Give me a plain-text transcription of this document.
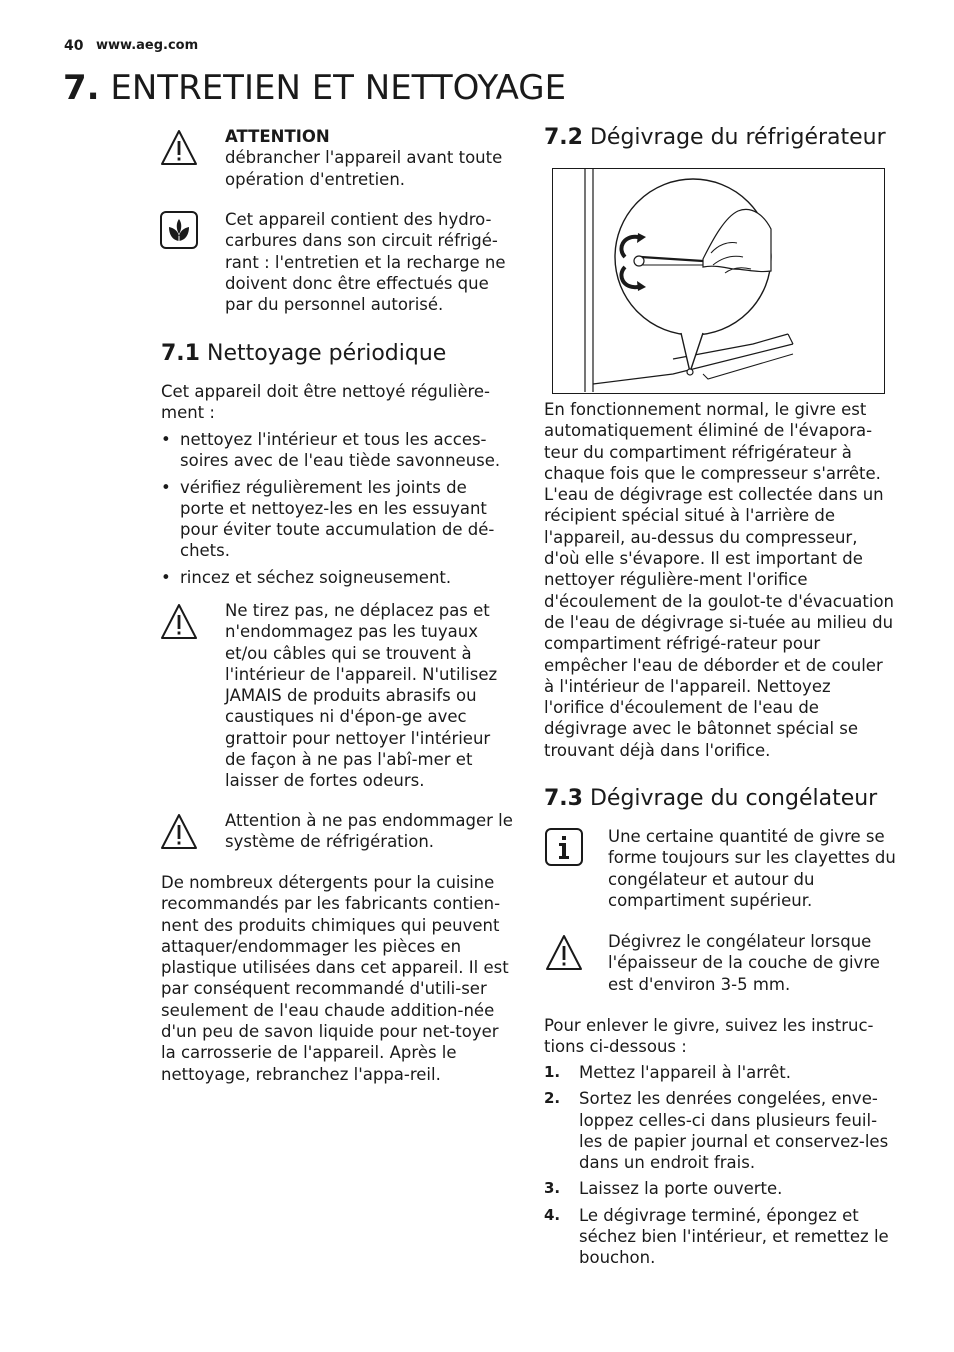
40 www.aeg.com
7. ENTRETIEN ET NETTOYAGE
ATTENTION
débrancher l'appareil avant toute opération d'entretien.
Cet appareil contient des hydro-carbures dans son circuit réfrigé-rant : l'entretien et la recharge ne doivent donc être effectués que par du personnel autorisé.
7.1 Nettoyage périodique

Cet appareil doit être nettoyé régulière-ment :

• nettoyez l'intérieur et tous les acces-soires avec de l'eau tiède savonneuse.
• vérifiez régulièrement les joints de porte et nettoyez-les en les essuyant pour éviter toute accumulation de dé-chets.
• rincez et séchez soigneusement.
Ne tirez pas, ne déplacez pas et n'endommagez pas les tuyaux et/ou câbles qui se trouvent à l'intérieur de l'appareil. N'utilisez JAMAIS de produits abrasifs ou caustiques ni d'épon-ge avec grattoir pour nettoyer l'intérieur de façon à ne pas l'abî-mer et laisser de fortes odeurs.
Attention à ne pas endommager le système de réfrigération.

De nombreux détergents pour la cuisine recommandés par les fabricants contien-nent des produits chimiques qui peuvent attaquer/endommager les pièces en plastique utilisées dans cet appareil. Il est par conséquent recommandé d'utili-ser seulement de l'eau chaude addition-née d'un peu de savon liquide pour net-toyer la carrosserie de l'appareil. Après le nettoyage, rebranchez l'appa-reil.

7.2 Dégivrage du réfrigérateur

En fonctionnement normal, le givre est automatiquement éliminé de l'évapora-teur du compartiment réfrigérateur à chaque fois que le compresseur s'arrête. L'eau de dégivrage est collectée dans un récipient spécial situé à l'arrière de l'appareil, au-dessus du compresseur, d'où elle s'évapore. Il est important de nettoyer régulière-ment l'orifice d'écoulement de la goulot-te d'évacuation de l'eau de dégivrage si-tuée au milieu du compartiment réfrigé-rateur pour empêcher l'eau de déborder et de couler à l'intérieur de l'appareil. Nettoyez l'orifice d'écoulement de l'eau de dégivrage avec le bâtonnet spécial se trouvant déjà dans l'orifice.

7.3 Dégivrage du congélateur
Une certaine quantité de givre se forme toujours sur les clayettes du congélateur et autour du compartiment supérieur.
Dégivrez le congélateur lorsque l'épaisseur de la couche de givre est d'environ 3-5 mm.

Pour enlever le givre, suivez les instruc-tions ci-dessous :

1. Mettez l'appareil à l'arrêt.
2. Sortez les denrées congelées, enve-loppez celles-ci dans plusieurs feuil-les de papier journal et conservez-les dans un endroit frais.
3. Laissez la porte ouverte.
4. Le dégivrage terminé, épongez et séchez bien l'intérieur, et remettez le bouchon.
